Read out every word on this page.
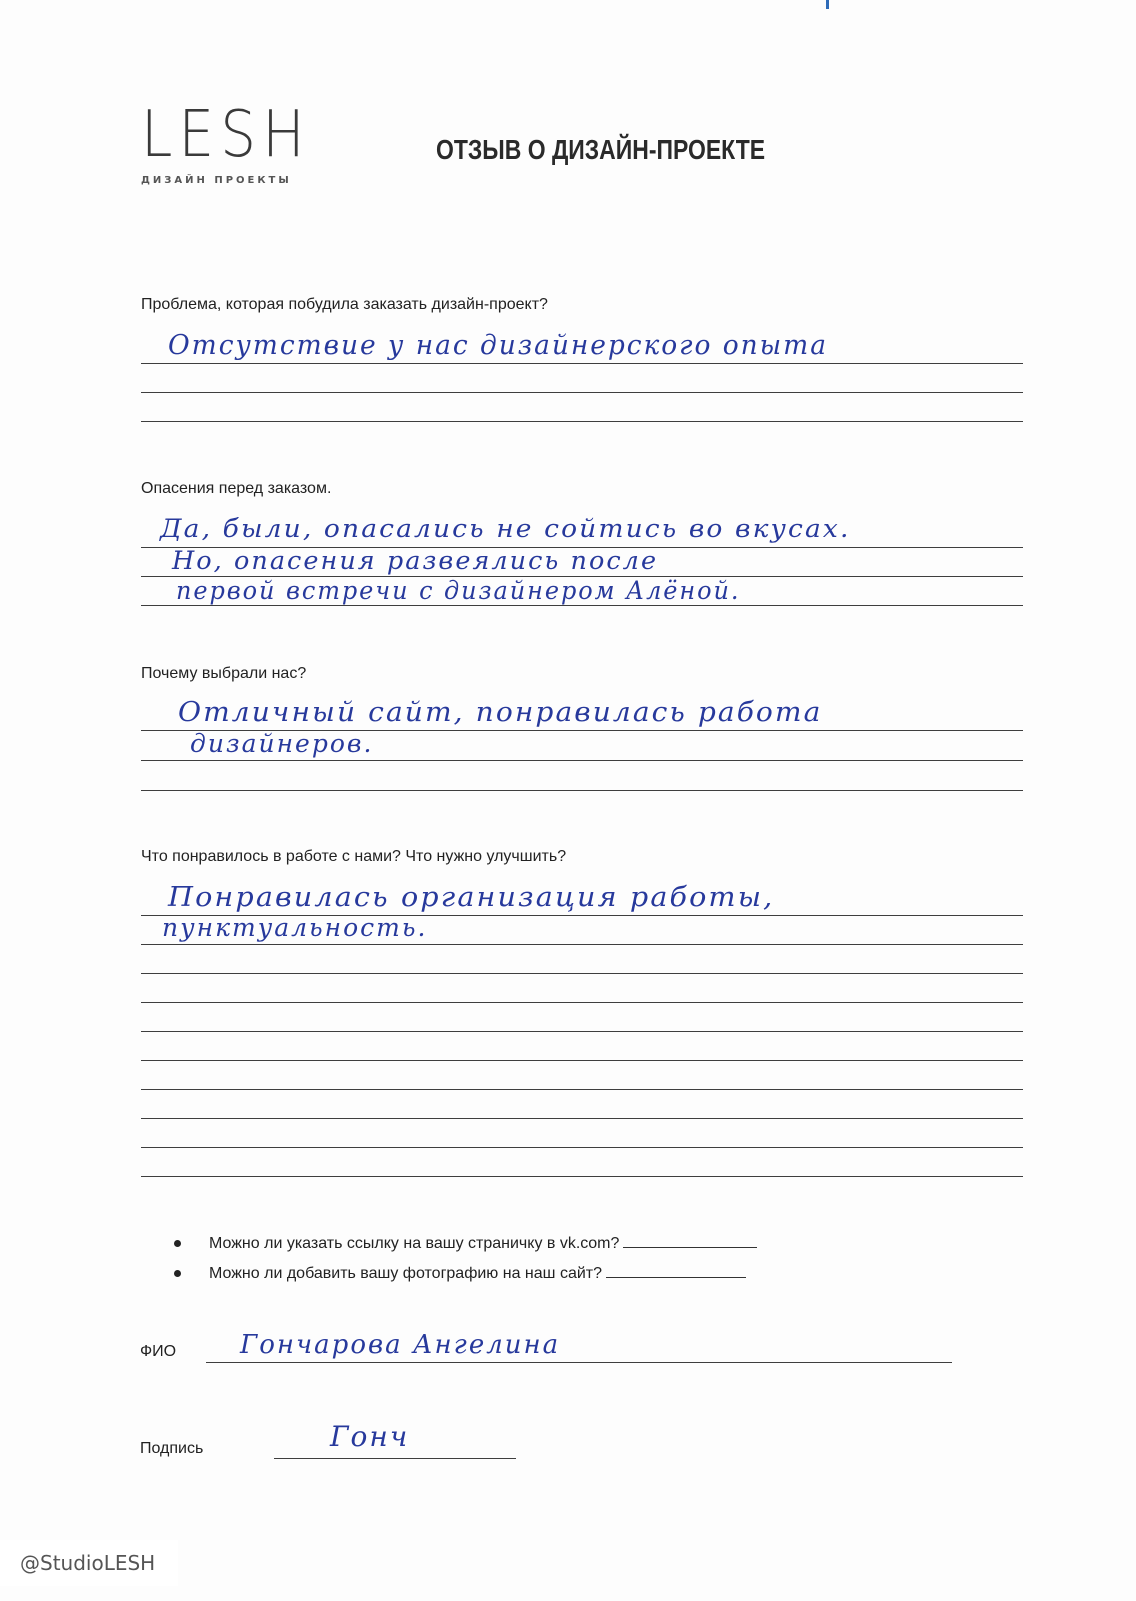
LESH
ДИЗАЙН ПРОЕКТЫ
ОТЗЫВ О ДИЗАЙН-ПРОЕКТЕ
Проблема, которая побудила заказать дизайн-проект?
Отсутствие у нас дизайнерского опыта
Опасения перед заказом.
Да, были, опасались не сойтись во вкусах.
Но, опасения развеялись после
первой встречи с дизайнером Алёной.
Почему выбрали нас?
Отличный сайт, понравилась работа
дизайнеров.
Что понравилось в работе с нами? Что нужно улучшить?
Понравилась организация работы,
пунктуальность.
Можно ли указать ссылку на вашу страничку в vk.com?
Можно ли добавить вашу фотографию на наш сайт?
ФИО Гончарова Ангелина
Подпись	Гонч
@StudioLESH
